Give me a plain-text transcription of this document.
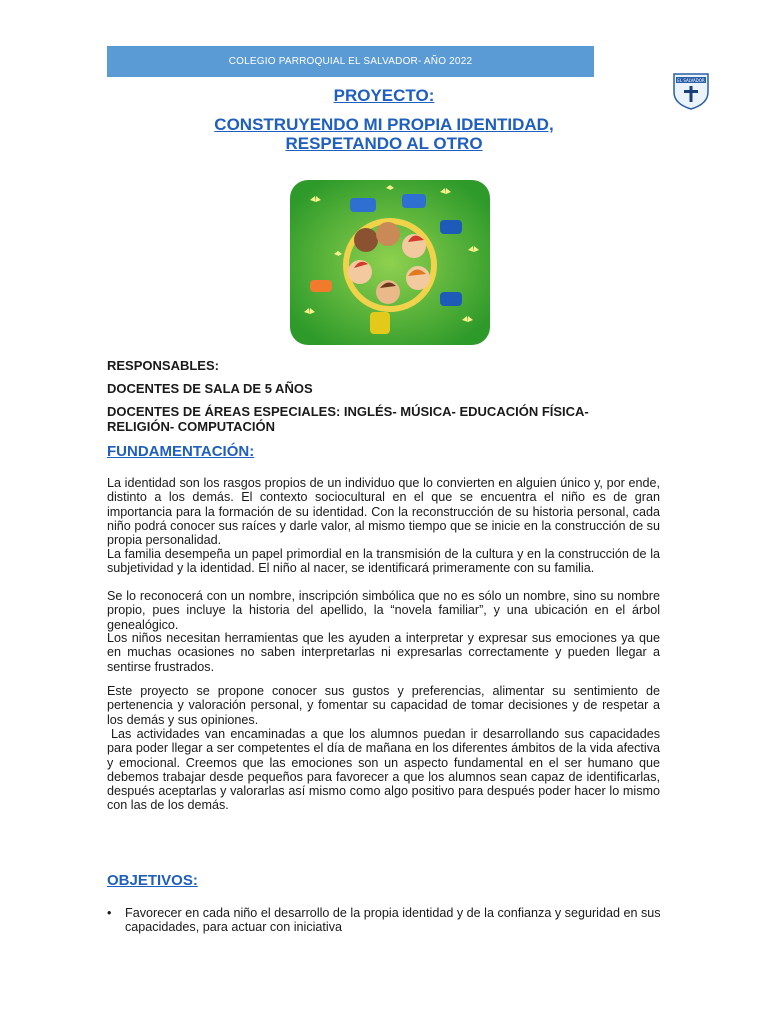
COLEGIO PARROQUIAL EL SALVADOR- AÑO 2022
EL SALVADOR
PROYECTO:
CONSTRUYENDO MI PROPIA IDENTIDAD,
RESPETANDO AL OTRO
RESPONSABLES:
DOCENTES DE SALA DE 5 AÑOS
DOCENTES DE ÁREAS ESPECIALES: INGLÉS- MÚSICA- EDUCACIÓN FÍSICA- RELIGIÓN- COMPUTACIÓN
FUNDAMENTACIÓN:

La identidad son los rasgos propios de un individuo que lo convierten en alguien único y, por ende, distinto a los demás. El contexto sociocultural en el que se encuentra el niño es de gran importancia para la formación de su identidad. Con la reconstrucción de su historia personal, cada niño podrá conocer sus raíces y darle valor, al mismo tiempo que se inicie en la construcción de su propia personalidad.

La familia desempeña un papel primordial en la transmisión de la cultura y en la construcción de la subjetividad y la identidad. El niño al nacer, se identificará primeramente con su familia.

Se lo reconocerá con un nombre, inscripción simbólica que no es sólo un nombre, sino su nombre propio, pues incluye la historia del apellido, la “novela familiar”, y una ubicación en el árbol genealógico.

Los niños necesitan herramientas que les ayuden a interpretar y expresar sus emociones ya que en muchas ocasiones no saben interpretarlas ni expresarlas correctamente y pueden llegar a sentirse frustrados.

Este proyecto se propone conocer sus gustos y preferencias, alimentar su sentimiento de pertenencia y valoración personal, y fomentar su capacidad de tomar decisiones y de respetar a los demás y sus opiniones.

Las actividades van encaminadas a que los alumnos puedan ir desarrollando sus capacidades para poder llegar a ser competentes el día de mañana en los diferentes ámbitos de la vida afectiva y emocional. Creemos que las emociones son un aspecto fundamental en el ser humano que debemos trabajar desde pequeños para favorecer a que los alumnos sean capaz de identificarlas, después aceptarlas y valorarlas así mismo como algo positivo para después poder hacer lo mismo con las de los demás.

OBJETIVOS:
•	Favorecer en cada niño el desarrollo de la propia identidad y de la confianza y seguridad en sus capacidades, para actuar con iniciativa
